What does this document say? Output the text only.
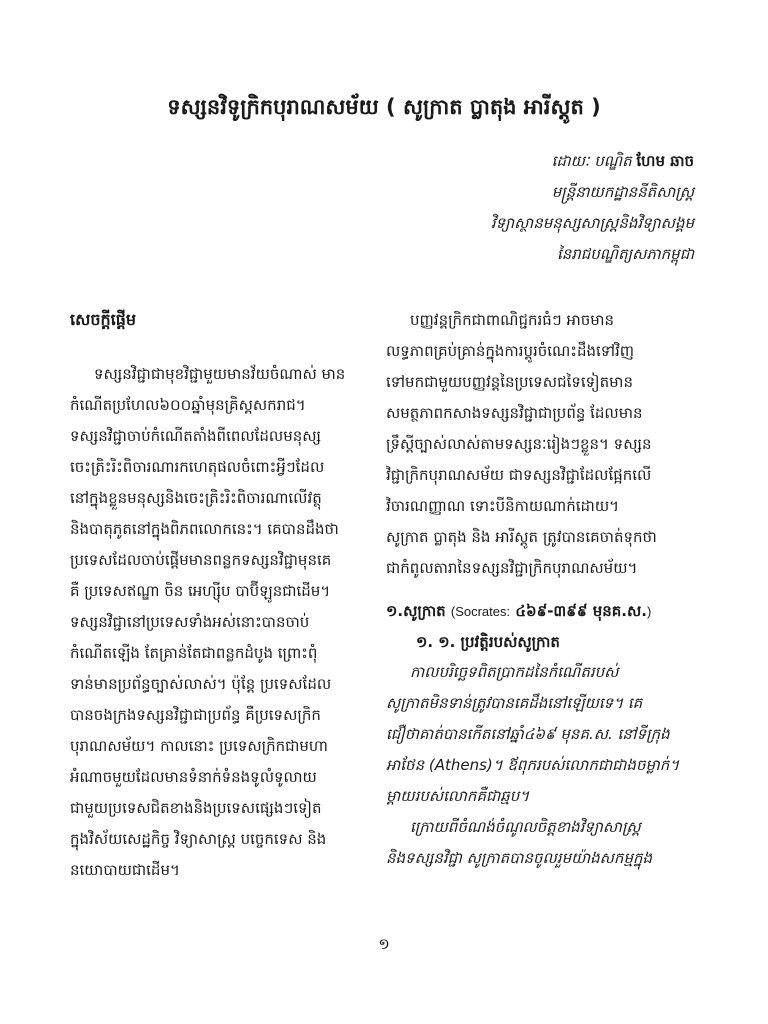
ទស្សនវិទូក្រិកបុរាណសម័យ ( សូក្រាត ប្លាតុង អារីស្តូត )
ដោយៈ បណ្ឌិត ហែម ឆាច
មន្ត្រីនាយកដ្ឋាននីតិសាស្ត្រ
វិទ្យាស្ថានមនុស្សសាស្ត្រនិងវិទ្យាសង្គម
នៃរាជបណ្ឌិត្យសភាកម្ពុជា
សេចក្តីផ្តើម
ទស្សនវិជ្ជាជាមុខវិជ្ជាមួយមានវ័យចំណាស់ មាន
កំណើតប្រហែល៦០០ឆ្នាំមុនគ្រិស្តសករាជ។
ទស្សនវិជ្ជាចាប់កំណើតតាំងពីពេលដែលមនុស្ស
ចេះត្រិះរិះពិចារណារកហេតុផលចំពោះអ្វីៗដែល
នៅក្នុងខ្លួនមនុស្សនិងចេះត្រិះរិះពិចារណាលើវត្ថុ
និងបាតុភូតនៅក្នុងពិភពលោកនេះ។ គេបានដឹងថា
ប្រទេសដែលចាប់ផ្តើមមានពន្លកទស្សនវិជ្ជាមុនគេ
គឺ ប្រទេសឥណ្ឌា ចិន អេហ្ស៊ីប បាប៊ីឡូនជាដើម។
ទស្សនវិជ្ជានៅប្រទេសទាំងអស់នោះបានចាប់
កំណើតឡើង តែគ្រាន់តែជាពន្លកដំបូង ព្រោះពុំ
ទាន់មានប្រព័ន្ធច្បាស់លាស់។ ប៉ុន្តែ ប្រទេសដែល
បានចងក្រងទស្សនវិជ្ជាជាប្រព័ន្ធ គឺប្រទេសក្រិក
បុរាណសម័យ។ កាលនោះ ប្រទេសក្រិកជាមហា
អំណាចមួយដែលមានទំនាក់ទំនងទូលំទូលាយ
ជាមួយប្រទេសជិតខាងនិងប្រទេសផ្សេងៗទៀត
ក្នុងវិស័យសេដ្ឋកិច្ច វិទ្យាសាស្ត្រ បច្ចេកទេស និង
នយោបាយជាដើម។
បញ្ញវន្តក្រិកជាពាណិជ្ជករធំៗ អាចមាន
លទ្ធភាពគ្រប់គ្រាន់ក្នុងការប្តូរចំណេះដឹងទៅវិញ
ទៅមកជាមួយបញ្ញវន្តនៃប្រទេសជទៃទៀតមាន
សមត្ថភាពកសាងទស្សនវិជ្ជាជាប្រព័ន្ធ ដែលមាន
ទ្រឹស្តីច្បាស់លាស់តាមទស្សនៈរៀងៗខ្លួន។ ទស្សន
វិជ្ជាក្រិកបុរាណសម័យ ជាទស្សនវិជ្ជាដែលផ្អែកលើ
វិចារណញ្ញាណ ទោះបីនិកាយណាក់ដោយ។
សូក្រាត ប្លាតុង និង អារីស្តូត ត្រូវបានគេចាត់ទុកថា
ជាកំពូលតារានៃទស្សនវិជ្ជាក្រិកបុរាណសម័យ។
១.សូក្រាត (Socrates: ៤៦៩-៣៩៩ មុនគ.ស.)
១. ១. ប្រវត្តិរបស់សូក្រាត
កាលបរិច្ឆេទពិតប្រាកដនៃកំណើតរបស់
សូក្រាតមិនទាន់ត្រូវបានគេដឹងនៅឡើយទេ។ គេ
ជឿថាគាត់បានកើតនៅឆ្នាំ៤៦៩ មុនគ.ស. នៅទីក្រុង
អាថែន (Athens)។ ឪពុករបស់លោកជាជាងចម្លាក់។
ម្តាយរបស់លោកគឺជាឆ្មប។
ក្រោយពីចំណង់ចំណូលចិត្តខាងវិទ្យាសាស្ត្រ
និងទស្សនវិជ្ជា សូក្រាតបានចូលរួមយ៉ាងសកម្មក្នុង
១
